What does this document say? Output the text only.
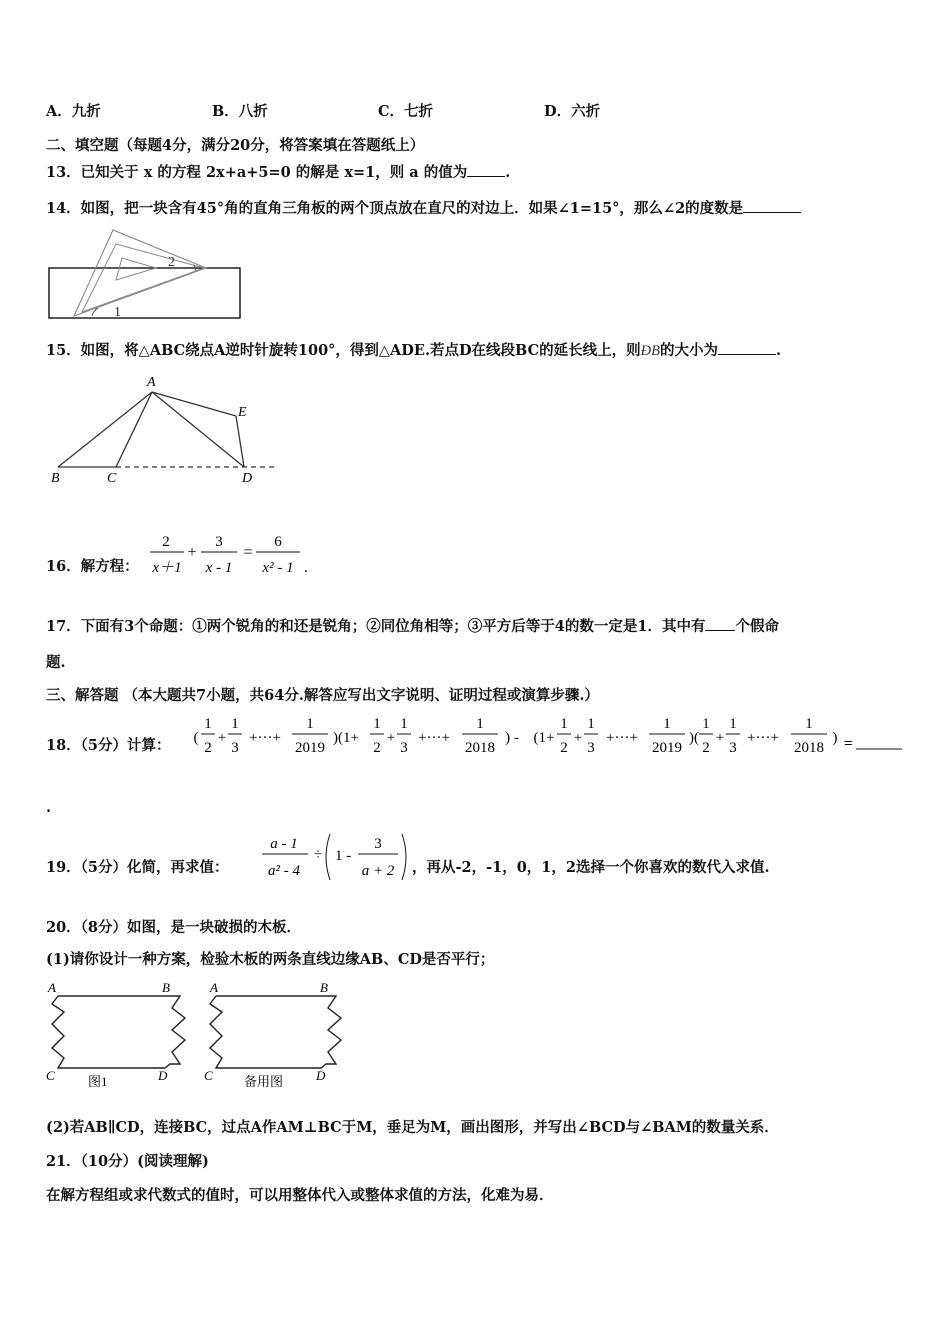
A．九折	B．八折	C．七折	D．六折
二、填空题（每题4分，满分20分，将答案填在答题纸上）
13．已知关于 x 的方程 2x+a+5=0 的解是 x=1，则 a 的值为	.
14．如图，把一块含有45°角的直角三角板的两个顶点放在直尺的对边上．如果∠1=15°，那么∠2的度数是
2
1
15．如图，将△ABC绕点A逆时针旋转100°，得到△ADE.若点D在线段BC的延长线上，则ÐB的大小为	.
A
B	C	D
E
16．解方程：
2
x＋1
+
3
x - 1
=
6
x² - 1 .
17．下面有3个命题：①两个锐角的和还是锐角；②同位角相等；③平方后等于4的数一定是1．其中有 个假命
题.
三、解答题 （本大题共7小题，共64分.解答应写出文字说明、证明过程或演算步骤.）
18．（5分）计算： (
1
2
+
1
3
+···+
1
2019
)(1+
1
2
+
1
3
+···+
1
2018
) - (1+
1
2
+
1
3
+···+
1
2019
)(
1
2
+
1
3
+···+
1
2018
) =
.
19．（5分）化简，再求值：
a - 1
a² - 4
÷ 1 -
3
a + 2 ，再从-2，-1，0，1，2选择一个你喜欢的数代入求值.
20．（8分）如图，是一块破损的木板．
(1)请你设计一种方案，检验木板的两条直线边缘AB、CD是否平行；
A	B
C	D
图1
A	B
C	D
备用图
(2)若AB∥CD，连接BC，过点A作AM⊥BC于M，垂足为M，画出图形，并写出∠BCD与∠BAM的数量关系．
21．（10分）(阅读理解)
在解方程组或求代数式的值时，可以用整体代入或整体求值的方法，化难为易．
